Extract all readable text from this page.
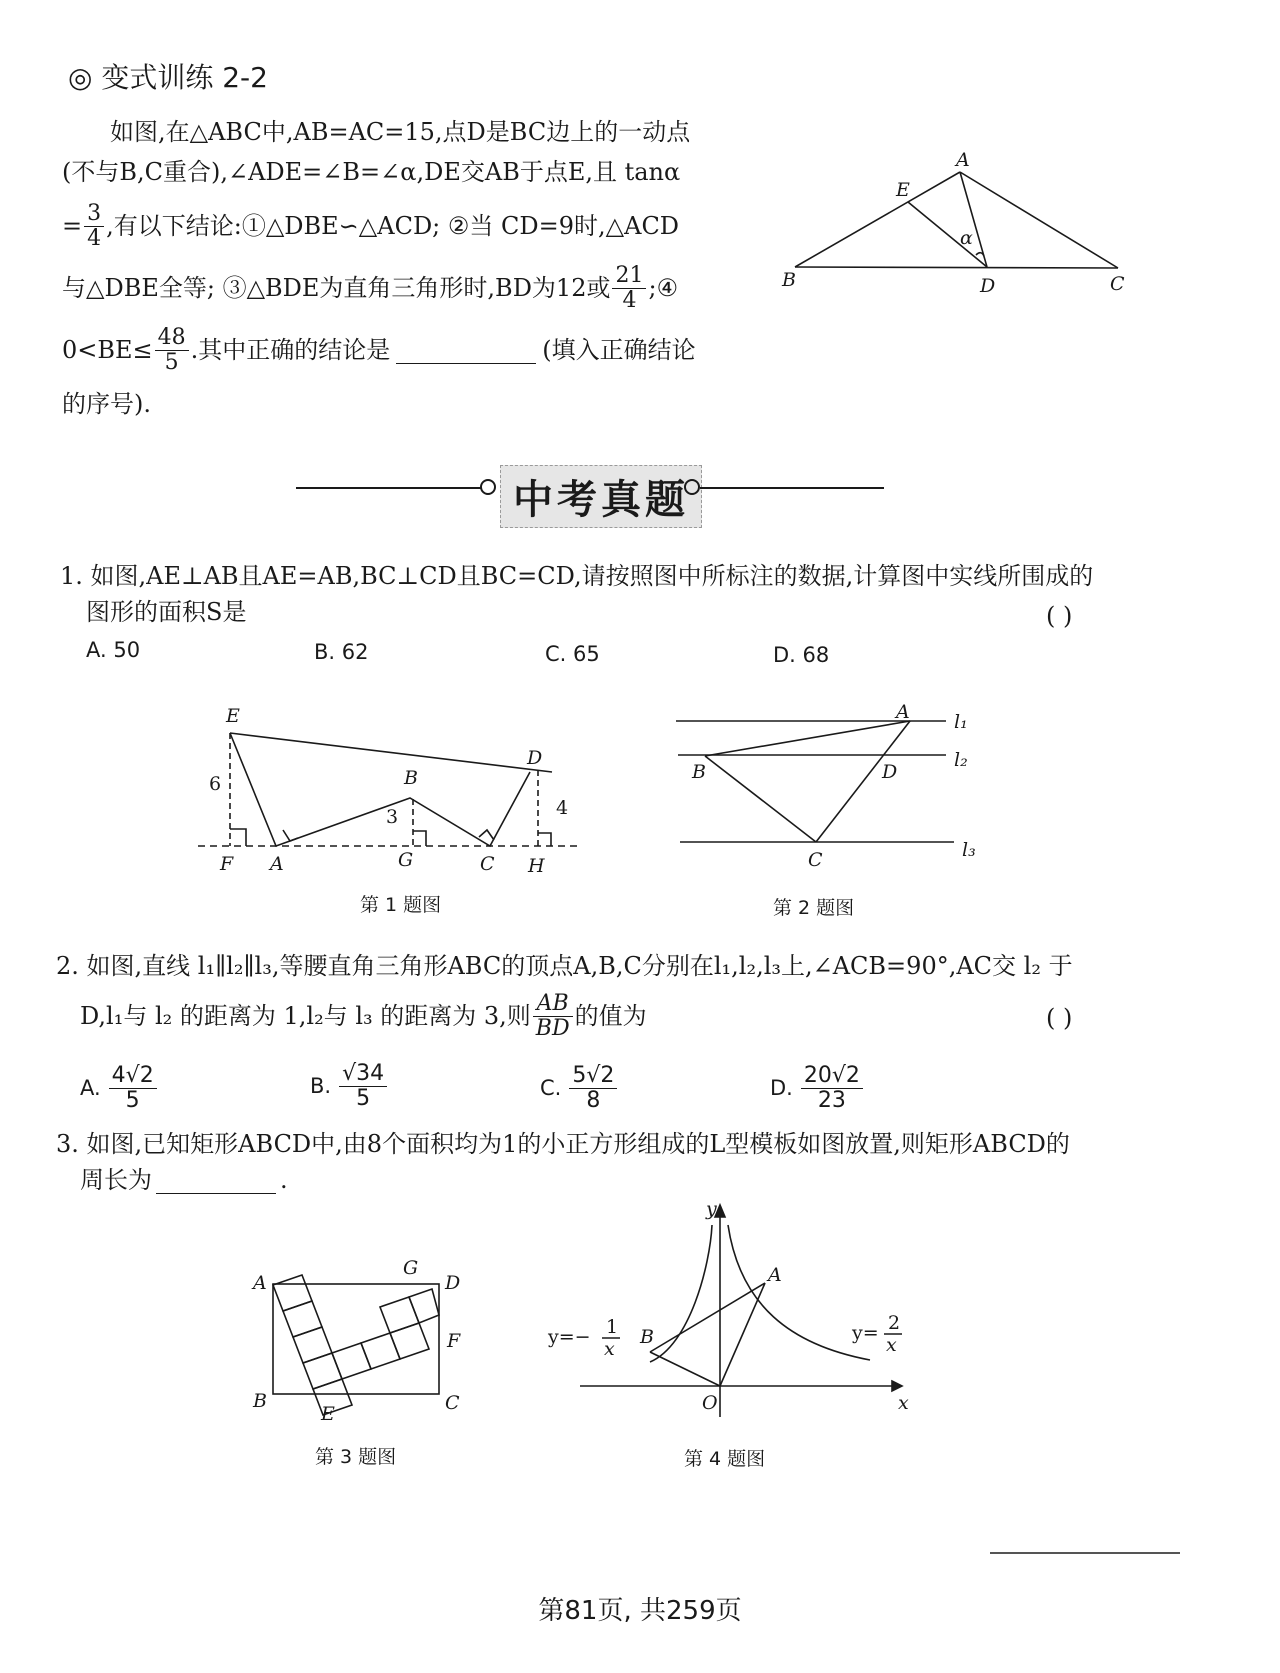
◎ 变式训练 2-2
如图,在△ABC中,AB=AC=15,点D是BC边上的一动点
(不与B,C重合),∠ADE=∠B=∠α,DE交AB于点E,且 tanα
= $\frac{3}{4}$ ,有以下结论:①△DBE∽△ACD; ②当 CD=9时,△ACD
与△DBE全等; ③△BDE为直角三角形时,BD为12或 $\frac{21}{4}$ ;④
$0<BE\le \frac{48}{5}$ .其中正确的结论是	(填入正确结论
的序号).
A
E
α
B	D	C
中考真题
1. 如图,AE⊥AB且AE=AB,BC⊥CD且BC=CD,请按照图中所标注的数据,计算图中实线所围成的
图形的面积S是	( )
A. 50	B. 62	C. 65	D. 68
E
B
D
F A	G	C H
6
3	4
第 1 题图
A
B	D
C
l₁
l₂
l₃
第 2 题图
2. 如图,直线 l₁∥l₂∥l₃,等腰直角三角形ABC的顶点A,B,C分别在l₁,l₂,l₃上,∠ACB=90°,AC交 l₂ 于
D,l₁与 l₂ 的距离为 1,l₂与 l₃ 的距离为 3,则 $\frac{AB}{BD}$ 的值为	( )
A. $\frac{4√2}{5}$	B. $\frac{√34}{5}$	C. $\frac{5√2}{8}$	D. $\frac{20√2}{23}$
3. 如图,已知矩形ABCD中,由8个面积均为1的小正方形组成的L型模板如图放置,则矩形ABCD的
周长为	.
A
G
D
F
B
E	C
第 3 题图
y
x
O
A
B
y=− 1
x
y= 2
x
第 4 题图
第81页, 共259页
